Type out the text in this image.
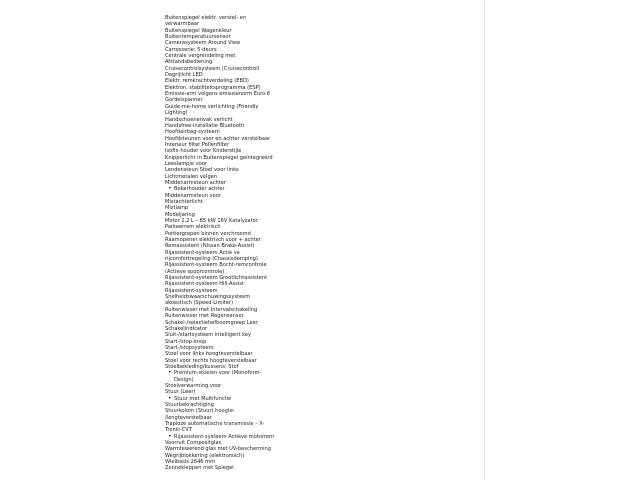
Buitenspiegel elektr. verstel- en verwarmbaar
Buitenspiegel Wagenkleur
Buitentemperatuursensor
Camerasysteem Around View
Carrosserie: 5-deurs
Centrale vergrendeling met Afstandsbediening
Cruisecontrolsysteem (Cruisecontrol)
Dagrijlicht LED
Elektr. remkrachtverdeling (EBD)
Elektron. stabiliteitsprogramma (ESP)
Emissie-arm volgens emissienorm Euro 6
Gordelspanner
Guide-me-home verlichting (Friendly Lighting)
Handschoenenvak verlicht
Handsfree-installatie Bluetooth
Hoofdairbag-systeem
Hoofdsteunen voor en achter verstelbaar
Interieur filter Pollenfilter
Isofix-houder voor Kinderstijle
Knipperlicht in Buitenspiegel geïntegreerd
Leeslampje voor
Lendensteun Stoel voor links
Lichtmetalen velgen
Middenarmsteun achter
• Bekerhouder achter
Middenarmsteun voor
Mistachterlicht
Mistlamp
Modeljaring
Motor 1,2 L – 85 kW 16V Katalysator
Parkeerrem elektrisch
Portiergrepen binnen verchroomd
Raamopener elektrisch voor + achter
Remassistent (Nissan Brake-Assist)
Rijassistent-systeem Actie ve rijcomfortregeling (Chassisdemping)
Rijassistent-systeem Bocht-remcontrole (Actieve spoorcontrole)
Rijassistent-systeem Grootlichtassistent
Rijassistent-systeem Hill-Assist
Rijassistent-systeem
Snelheidswaarschuwingssysteem akoestisch (Speed-Limiter)
Ruitenwisser met Intervalschakeling
Ruitenwisser met Regensensor
Schakel-/selectiehefboomgreep Leer
Schakelindicator
Sluit-/startsysteem intelligent key
Start-/stop-knop
Start-/stopsysteem
Stoel voor links hoogteverstelbaar
Stoel voor rechts hoogteverstelbaar
Stoelbekleding/kussens: Stof
• Premium-stoelen voor (Monoform-Design)
Stoelverwarming voor
Stuur (Leer)
• Stuur met Multifunctie
Stuurbekrachtiging
Stuurkolom (Stuur) hoogte- /lengteverstelbaar
Traploze automatische transmissie – X-Tronic-CVT
• Rijassistent-systeem Actieve motorrem
Voorruit Compositglas
Warmtewerend glas met UV-bescherming
Wegrijblokkering (elektronisch)
Wielbasis 2646 mm
Zonnekleppen met Spiegel
